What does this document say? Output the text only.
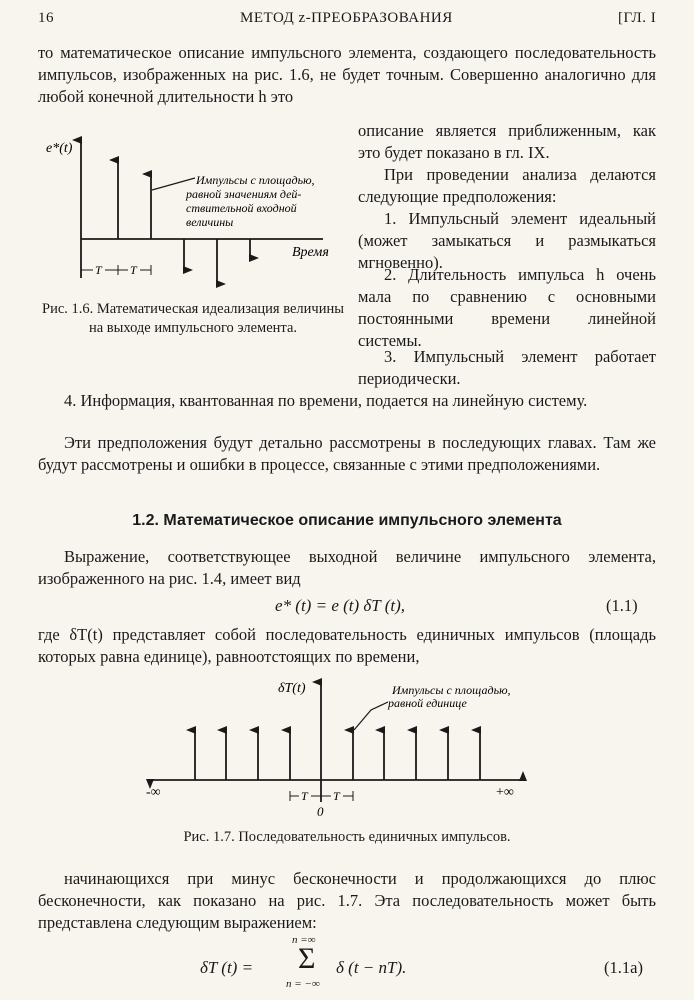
16	МЕТОД z-ПРЕОБРАЗОВАНИЯ	[ГЛ. I

то математическое описание импульсного элемента, создающего последовательность импульсов, изображенных на рис. 1.6, не будет точным. Совершенно аналогично для любой конечной длительности h это

e*(t)
Время
Импульсы с площадью,
равной значениям дей-
ствительной входной
величины
T T

Рис. 1.6. Математическая идеализация величины на выходе импульсного элемента.

описание является приближенным, как это будет показано в гл. IX.

При проведении анализа делаются следующие предположения:

1. Импульсный элемент идеальный (может замыкаться и размыкаться мгновенно).

2. Длительность импульса h очень мала по сравнению с основными постоянными времени линейной системы.

3. Импульсный элемент работает периодически.

4. Информация, квантованная по времени, подается на линейную систему.

Эти предположения будут детально рассмотрены в последующих главах. Там же будут рассмотрены и ошибки в процессе, связанные с этими предположениями.

1.2. Математическое описание импульсного элемента

Выражение, соответствующее выходной величине импульсного элемента, изображенного на рис. 1.4, имеет вид

e* (t) = e (t) δT (t),	(1.1)

где δT(t) представляет собой последовательность единичных импульсов (площадь которых равна единице), равноотстоящих по времени,

δT(t)	Импульсы с площадью,
равной единице
-∞	+∞
T T
0

Рис. 1.7. Последовательность единичных импульсов.

начинающихся при минус бесконечности и продолжающихся до плюс бесконечности, как показано на рис. 1.7. Эта последовательность может быть представлена следующим выражением:

δT (t) =
n =∞
Σ
n = −∞
δ (t − nT).	(1.1a)
